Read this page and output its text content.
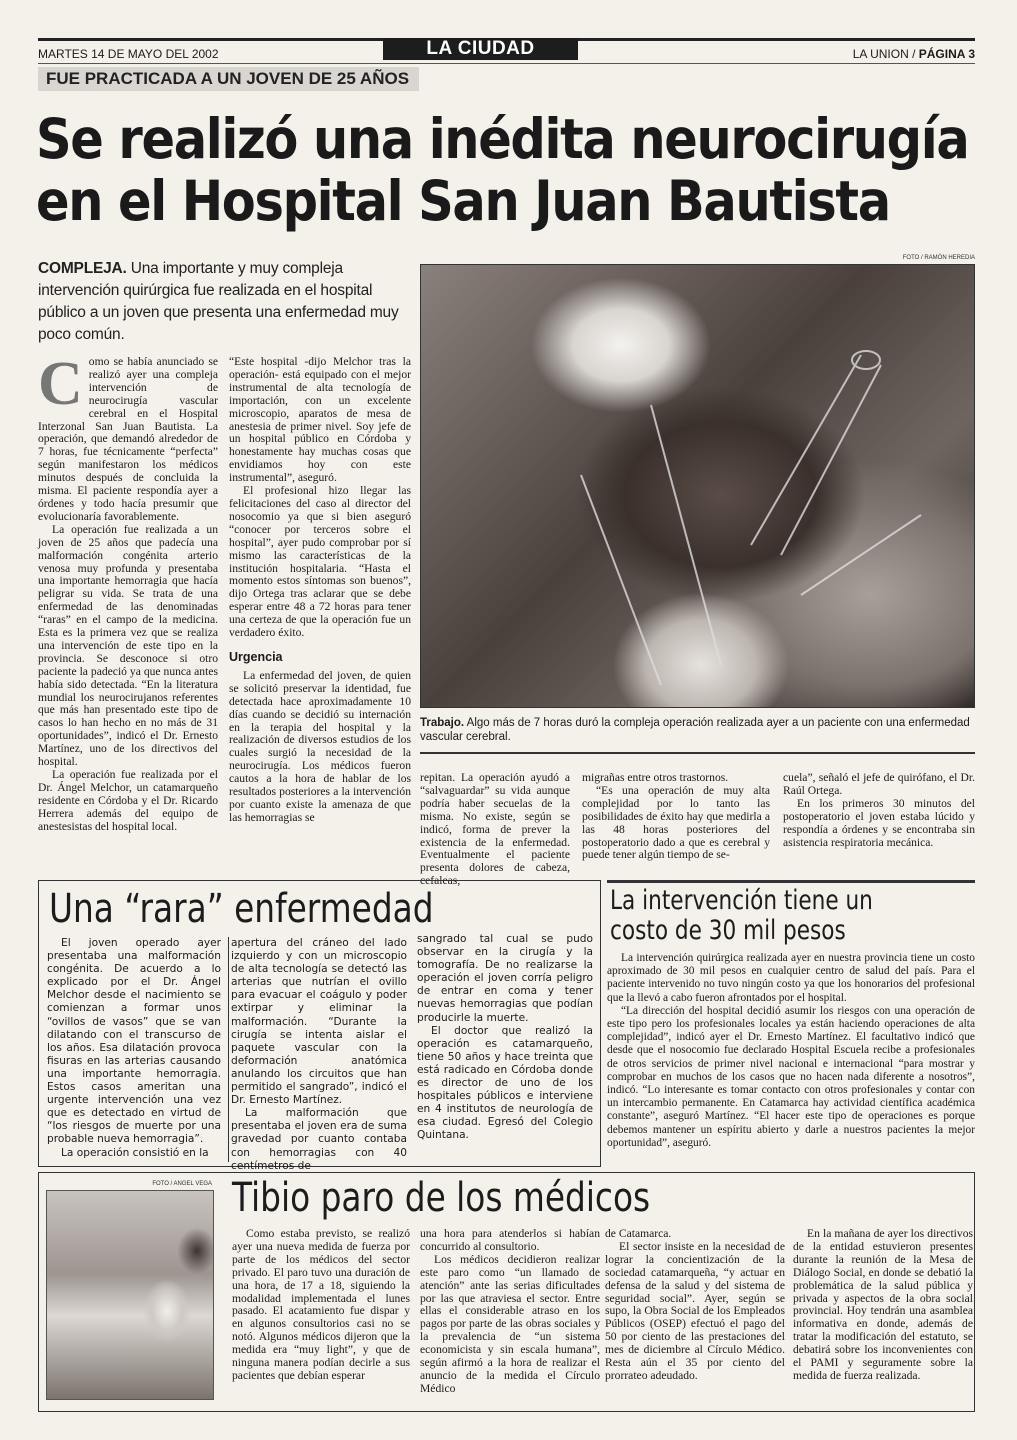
MARTES 14 DE MAYO DEL 2002	LA CIUDAD	LA UNION / PÁGINA 3
FUE PRACTICADA A UN JOVEN DE 25 AÑOS
Se realizó una inédita neurocirugía en el Hospital San Juan Bautista
COMPLEJA. Una importante y muy compleja intervención quirúrgica fue realizada en el hospital público a un joven que presenta una enfermedad muy poco común.
FOTO / RAMÓN HEREDIA
Trabajo. Algo más de 7 horas duró la compleja operación realizada ayer a un paciente con una enfermedad vascular cerebral.
C omo se había anunciado se realizó ayer una compleja intervención de neurocirugía vascular cerebral en el Hospital Interzonal San Juan Bautista. La operación, que demandó alrededor de 7 horas, fue técnicamente “perfecta” según manifestaron los médicos minutos después de concluida la misma. El paciente respondía ayer a órdenes y todo hacía presumir que evolucionaría favorablemente.

La operación fue realizada a un joven de 25 años que padecía una malformación congénita arterio venosa muy profunda y presentaba una importante hemorragia que hacía peligrar su vida. Se trata de una enfermedad de las denominadas “raras” en el campo de la medicina. Esta es la primera vez que se realiza una intervención de este tipo en la provincia. Se desconoce si otro paciente la padeció ya que nunca antes había sido detectada. “En la literatura mundial los neurocirujanos referentes que más han presentado este tipo de casos lo han hecho en no más de 31 oportunidades”, indicó el Dr. Ernesto Martínez, uno de los directivos del hospital.

La operación fue realizada por el Dr. Ángel Melchor, un catamarqueño residente en Córdoba y el Dr. Ricardo Herrera además del equipo de anestesistas del hospital local.

“Este hospital -dijo Melchor tras la operación- está equipado con el mejor instrumental de alta tecnología de importación, con un excelente microscopio, aparatos de mesa de anestesia de primer nivel. Soy jefe de un hospital público en Córdoba y honestamente hay muchas cosas que envidiamos hoy con este instrumental”, aseguró.

El profesional hizo llegar las felicitaciones del caso al director del nosocomio ya que si bien aseguró “conocer por terceros sobre el hospital”, ayer pudo comprobar por sí mismo las características de la institución hospitalaria. “Hasta el momento estos síntomas son buenos”, dijo Ortega tras aclarar que se debe esperar entre 48 a 72 horas para tener una certeza de que la operación fue un verdadero éxito.

Urgencia

La enfermedad del joven, de quien se solicitó preservar la identidad, fue detectada hace aproximadamente 10 días cuando se decidió su internación en la terapia del hospital y la realización de diversos estudios de los cuales surgió la necesidad de la neurocirugía. Los médicos fueron cautos a la hora de hablar de los resultados posteriores a la intervención por cuanto existe la amenaza de que las hemorragias se

repitan. La operación ayudó a “salvaguardar” su vida aunque podría haber secuelas de la misma. No existe, según se indicó, forma de prever la existencia de la enfermedad. Eventualmente el paciente presenta dolores de cabeza, cefaleas,

migrañas entre otros trastornos.

“Es una operación de muy alta complejidad por lo tanto las posibilidades de éxito hay que medirla a las 48 horas posteriores del postoperatorio dado a que es cerebral y puede tener algún tiempo de se-

cuela”, señaló el jefe de quirófano, el Dr. Raúl Ortega.

En los primeros 30 minutos del postoperatorio el joven estaba lúcido y respondía a órdenes y se encontraba sin asistencia respiratoria mecánica.

Una “rara” enfermedad

El joven operado ayer presentaba una malformación congénita. De acuerdo a lo explicado por el Dr. Ángel Melchor desde el nacimiento se comienzan a formar unos “ovillos de vasos” que se van dilatando con el transcurso de los años. Esa dilatación provoca fisuras en las arterias causando una importante hemorragia. Estos casos ameritan una urgente intervención una vez que es detectado en virtud de “los riesgos de muerte por una probable nueva hemorragia”.

La operación consistió en la

apertura del cráneo del lado izquierdo y con un microscopio de alta tecnología se detectó las arterias que nutrían el ovillo para evacuar el coágulo y poder extirpar y eliminar la malformación. “Durante la cirugía se intenta aislar el paquete vascular con la deformación anatómica anulando los circuitos que han permitido el sangrado”, indicó el Dr. Ernesto Martínez.

La malformación que presentaba el joven era de suma gravedad por cuanto contaba con hemorragias con 40 centímetros de

sangrado tal cual se pudo observar en la cirugía y la tomografía. De no realizarse la operación el joven corría peligro de entrar en coma y tener nuevas hemorragias que podían producirle la muerte.

El doctor que realizó la operación es catamarqueño, tiene 50 años y hace treinta que está radicado en Córdoba donde es director de uno de los hospitales públicos e interviene en 4 institutos de neurología de esa ciudad. Egresó del Colegio Quintana.

La intervención tiene un
costo de 30 mil pesos

La intervención quirúrgica realizada ayer en nuestra provincia tiene un costo aproximado de 30 mil pesos en cualquier centro de salud del país. Para el paciente intervenido no tuvo ningún costo ya que los honorarios del profesional que la llevó a cabo fueron afrontados por el hospital.

“La dirección del hospital decidió asumir los riesgos con una operación de este tipo pero los profesionales locales ya están haciendo operaciones de alta complejidad”, indicó ayer el Dr. Ernesto Martínez. El facultativo indicó que desde que el nosocomio fue declarado Hospital Escuela recibe a profesionales de otros servicios de primer nivel nacional e internacional “para mostrar y comprobar en muchos de los casos que no hacen nada diferente a nosotros”, indicó. “Lo interesante es tomar contacto con otros profesionales y contar con un intercambio permanente. En Catamarca hay actividad científica académica constante”, aseguró Martínez. “El hacer este tipo de operaciones es porque debemos mantener un espíritu abierto y darle a nuestros pacientes la mejor oportunidad”, aseguró.

FOTO / ANGEL VEGA Tibio paro de los médicos

Como estaba previsto, se realizó ayer una nueva medida de fuerza por parte de los médicos del sector privado. El paro tuvo una duración de una hora, de 17 a 18, siguiendo la modalidad implementada el lunes pasado. El acatamiento fue dispar y en algunos consultorios casi no se notó. Algunos médicos dijeron que la medida era “muy light”, y que de ninguna manera podían decirle a sus pacientes que debían esperar

una hora para atenderlos si habían concurrido al consultorio.

Los médicos decidieron realizar este paro como “un llamado de atención” ante las serias dificultades por las que atraviesa el sector. Entre ellas el considerable atraso en los pagos por parte de las obras sociales y la prevalencia de “un sistema economicista y sin escala humana”, según afirmó a la hora de realizar el anuncio de la medida el Círculo Médico

de Catamarca.

El sector insiste en la necesidad de lograr la concientización de la sociedad catamarqueña, “y actuar en defensa de la salud y del sistema de seguridad social”. Ayer, según se supo, la Obra Social de los Empleados Públicos (OSEP) efectuó el pago del 50 por ciento de las prestaciones del mes de diciembre al Círculo Médico. Resta aún el 35 por ciento del prorrateo adeudado.

En la mañana de ayer los directivos de la entidad estuvieron presentes durante la reunión de la Mesa de Diálogo Social, en donde se debatió la problemática de la salud pública y privada y aspectos de la obra social provincial. Hoy tendrán una asamblea informativa en donde, además de tratar la modificación del estatuto, se debatirá sobre los inconvenientes con el PAMI y seguramente sobre la medida de fuerza realizada.
